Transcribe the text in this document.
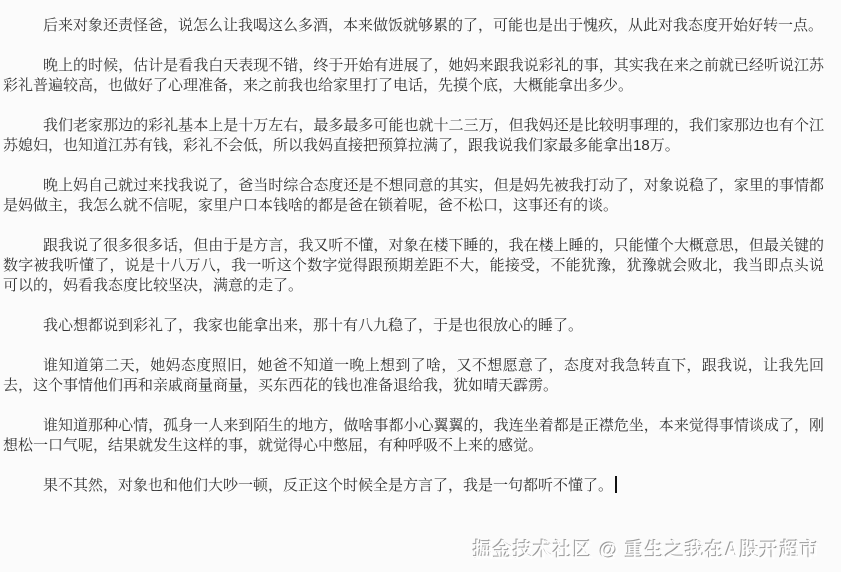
后来对象还责怪爸，说怎么让我喝这么多酒，本来做饭就够累的了，可能也是出于愧疚，从此对我态度开始好转一点。

晚上的时候，估计是看我白天表现不错，终于开始有进展了，她妈来跟我说彩礼的事，其实我在来之前就已经听说江苏彩礼普遍较高，也做好了心理准备，来之前我也给家里打了电话，先摸个底，大概能拿出多少。

我们老家那边的彩礼基本上是十万左右，最多最多可能也就十二三万，但我妈还是比较明事理的，我们家那边也有个江苏媳妇，也知道江苏有钱，彩礼不会低，所以我妈直接把预算拉满了，跟我说我们家最多能拿出18万。

晚上妈自己就过来找我说了，爸当时综合态度还是不想同意的其实，但是妈先被我打动了，对象说稳了，家里的事情都是妈做主，我怎么就不信呢，家里户口本钱啥的都是爸在锁着呢，爸不松口，这事还有的谈。

跟我说了很多很多话，但由于是方言，我又听不懂，对象在楼下睡的，我在楼上睡的，只能懂个大概意思，但最关键的数字被我听懂了，说是十八万八，我一听这个数字觉得跟预期差距不大，能接受，不能犹豫，犹豫就会败北，我当即点头说可以的，妈看我态度比较坚决，满意的走了。

我心想都说到彩礼了，我家也能拿出来，那十有八九稳了，于是也很放心的睡了。

谁知道第二天，她妈态度照旧，她爸不知道一晚上想到了啥，又不想愿意了，态度对我急转直下，跟我说，让我先回去，这个事情他们再和亲戚商量商量，买东西花的钱也准备退给我，犹如晴天霹雳。

谁知道那种心情，孤身一人来到陌生的地方，做啥事都小心翼翼的，我连坐着都是正襟危坐，本来觉得事情谈成了，刚想松一口气呢，结果就发生这样的事，就觉得心中憋屈，有种呼吸不上来的感觉。

果不其然，对象也和他们大吵一顿，反正这个时候全是方言了，我是一句都听不懂了。

掘金技术社区 @ 重生之我在A股开超市
